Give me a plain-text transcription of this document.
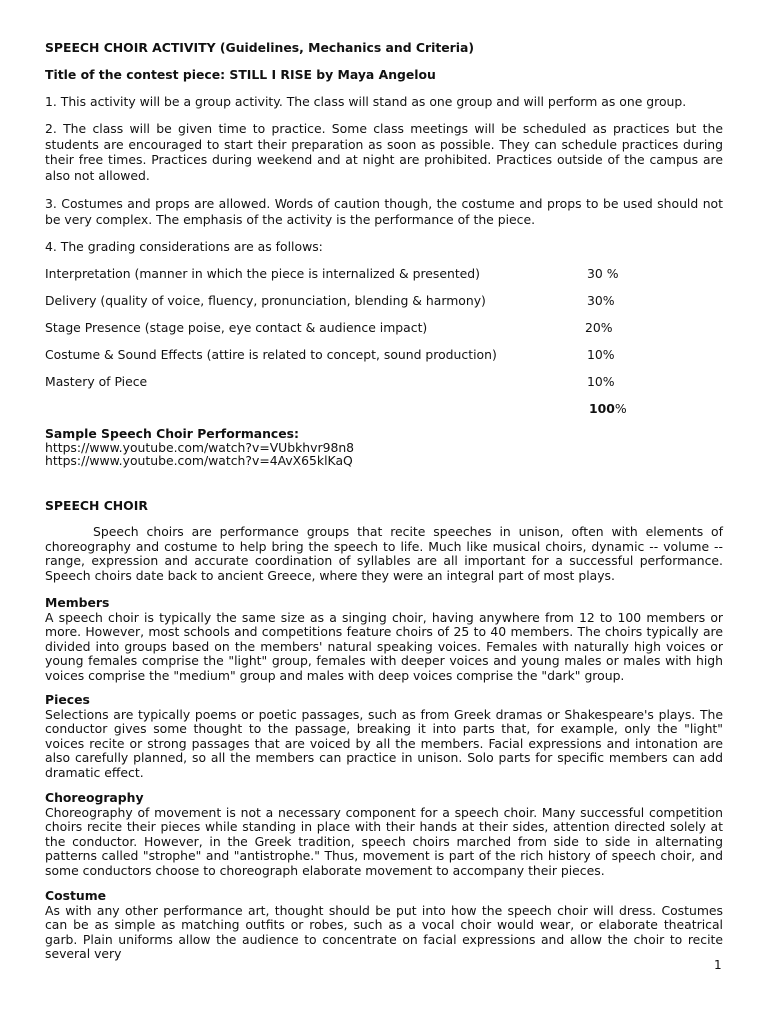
SPEECH CHOIR ACTIVITY (Guidelines, Mechanics and Criteria)

Title of the contest piece: STILL I RISE by Maya Angelou

1. This activity will be a group activity. The class will stand as one group and will perform as one group.

2. The class will be given time to practice. Some class meetings will be scheduled as practices but the students are encouraged to start their preparation as soon as possible. They can schedule practices during their free times. Practices during weekend and at night are prohibited. Practices outside of the campus are also not allowed.

3. Costumes and props are allowed. Words of caution though, the costume and props to be used should not be very complex. The emphasis of the activity is the performance of the piece.

4. The grading considerations are as follows:

Interpretation (manner in which the piece is internalized & presented)	30 %
Delivery (quality of voice, fluency, pronunciation, blending & harmony)	30%
Stage Presence (stage poise, eye contact & audience impact)	20%
Costume & Sound Effects (attire is related to concept, sound production)	10%
Mastery of Piece	10%
100%

Sample Speech Choir Performances:

https://www.youtube.com/watch?v=VUbkhvr98n8

https://www.youtube.com/watch?v=4AvX65klKaQ

SPEECH CHOIR

Speech choirs are performance groups that recite speeches in unison, often with elements of choreography and costume to help bring the speech to life. Much like musical choirs, dynamic -- volume -- range, expression and accurate coordination of syllables are all important for a successful performance. Speech choirs date back to ancient Greece, where they were an integral part of most plays.

Members

A speech choir is typically the same size as a singing choir, having anywhere from 12 to 100 members or more. However, most schools and competitions feature choirs of 25 to 40 members. The choirs typically are divided into groups based on the members' natural speaking voices. Females with naturally high voices or young females comprise the "light" group, females with deeper voices and young males or males with high voices comprise the "medium" group and males with deep voices comprise the "dark" group.

Pieces

Selections are typically poems or poetic passages, such as from Greek dramas or Shakespeare's plays. The conductor gives some thought to the passage, breaking it into parts that, for example, only the "light" voices recite or strong passages that are voiced by all the members. Facial expressions and intonation are also carefully planned, so all the members can practice in unison. Solo parts for specific members can add dramatic effect.

Choreography

Choreography of movement is not a necessary component for a speech choir. Many successful competition choirs recite their pieces while standing in place with their hands at their sides, attention directed solely at the conductor. However, in the Greek tradition, speech choirs marched from side to side in alternating patterns called "strophe" and "antistrophe." Thus, movement is part of the rich history of speech choir, and some conductors choose to choreograph elaborate movement to accompany their pieces.

Costume

As with any other performance art, thought should be put into how the speech choir will dress. Costumes can be as simple as matching outfits or robes, such as a vocal choir would wear, or elaborate theatrical garb. Plain uniforms allow the audience to concentrate on facial expressions and allow the choir to recite several very

1
